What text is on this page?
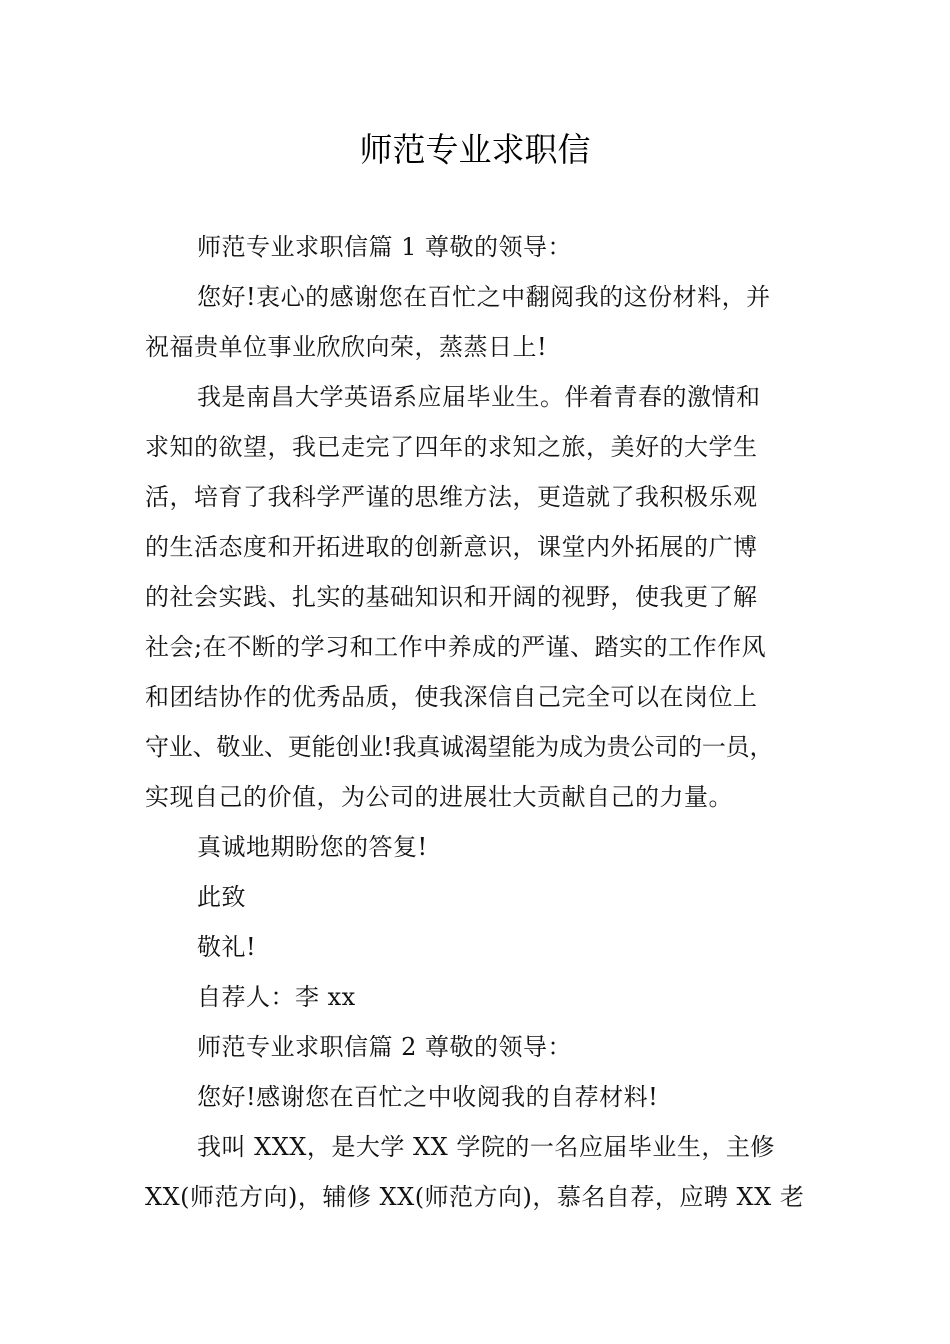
师范专业求职信
师范专业求职信篇 1 尊敬的领导：
您好!衷心的感谢您在百忙之中翻阅我的这份材料，并
祝福贵单位事业欣欣向荣，蒸蒸日上!
我是南昌大学英语系应届毕业生。伴着青春的激情和
求知的欲望，我已走完了四年的求知之旅，美好的大学生
活，培育了我科学严谨的思维方法，更造就了我积极乐观
的生活态度和开拓进取的创新意识，课堂内外拓展的广博
的社会实践、扎实的基础知识和开阔的视野，使我更了解
社会;在不断的学习和工作中养成的严谨、踏实的工作作风
和团结协作的优秀品质，使我深信自己完全可以在岗位上
守业、敬业、更能创业!我真诚渴望能为成为贵公司的一员，
实现自己的价值，为公司的进展壮大贡献自己的力量。
真诚地期盼您的答复!
此致
敬礼!
自荐人：李 xx
师范专业求职信篇 2 尊敬的领导：
您好!感谢您在百忙之中收阅我的自荐材料!
我叫 XXX，是大学 XX 学院的一名应届毕业生，主修
XX(师范方向)，辅修 XX(师范方向)，慕名自荐，应聘 XX 老
